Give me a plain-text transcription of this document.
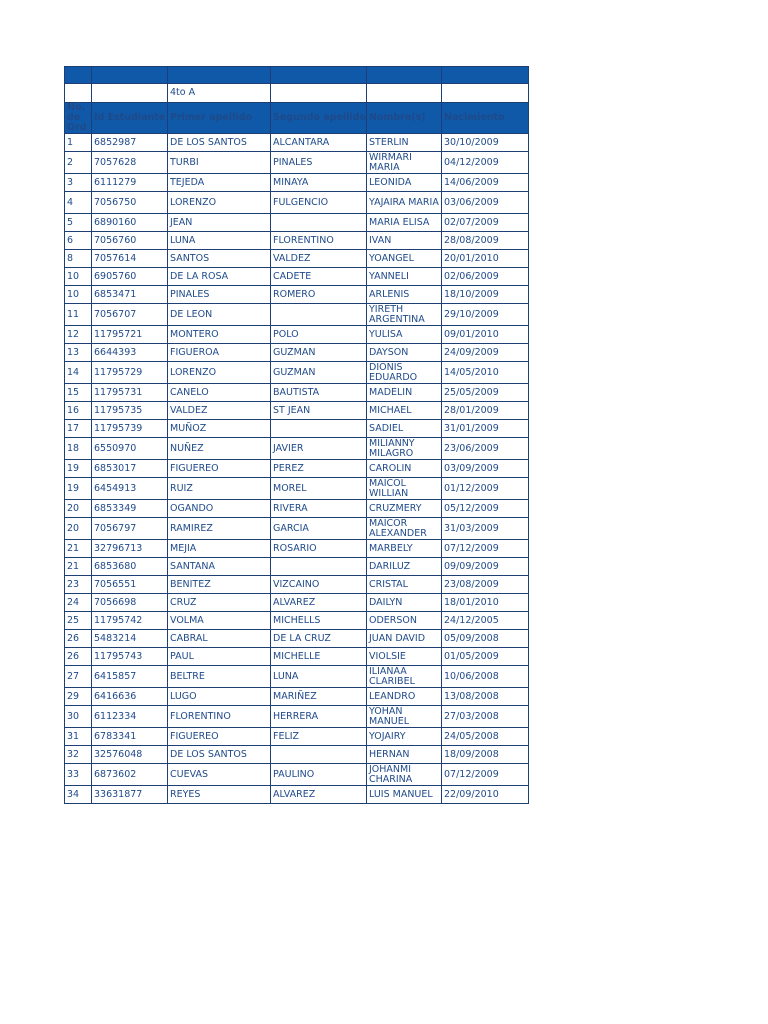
		4to A			
No. de Ord	Id Estudiante	Primer apellido	Segundo apellido	Nombre(s)	Nacimiento
1	6852987	DE LOS SANTOS	ALCANTARA	STERLIN	30/10/2009
2	7057628	TURBI	PINALES	WIRMARI MARIA	04/12/2009
3	6111279	TEJEDA	MINAYA	LEONIDA	14/06/2009
4	7056750	LORENZO	FULGENCIO	YAJAIRA MARIA	03/06/2009
5	6890160	JEAN		MARIA ELISA	02/07/2009
6	7056760	LUNA	FLORENTINO	IVAN	28/08/2009
8	7057614	SANTOS	VALDEZ	YOANGEL	20/01/2010
10	6905760	DE LA ROSA	CADETE	YANNELI	02/06/2009
10	6853471	PINALES	ROMERO	ARLENIS	18/10/2009
11	7056707	DE LEON		YIRETH ARGENTINA	29/10/2009
12	11795721	MONTERO	POLO	YULISA	09/01/2010
13	6644393	FIGUEROA	GUZMAN	DAYSON	24/09/2009
14	11795729	LORENZO	GUZMAN	DIONIS EDUARDO	14/05/2010
15	11795731	CANELO	BAUTISTA	MADELIN	25/05/2009
16	11795735	VALDEZ	ST JEAN	MICHAEL	28/01/2009
17	11795739	MUÑOZ		SADIEL	31/01/2009
18	6550970	NUÑEZ	JAVIER	MILIANNY MILAGRO	23/06/2009
19	6853017	FIGUEREO	PEREZ	CAROLIN	03/09/2009
19	6454913	RUIZ	MOREL	MAICOL WILLIAN	01/12/2009
20	6853349	OGANDO	RIVERA	CRUZMERY	05/12/2009
20	7056797	RAMIREZ	GARCIA	MAICOR ALEXANDER	31/03/2009
21	32796713	MEJIA	ROSARIO	MARBELY	07/12/2009
21	6853680	SANTANA		DARILUZ	09/09/2009
23	7056551	BENITEZ	VIZCAINO	CRISTAL	23/08/2009
24	7056698	CRUZ	ALVAREZ	DAILYN	18/01/2010
25	11795742	VOLMA	MICHELLS	ODERSON	24/12/2005
26	5483214	CABRAL	DE LA CRUZ	JUAN DAVID	05/09/2008
26	11795743	PAUL	MICHELLE	VIOLSIE	01/05/2009
27	6415857	BELTRE	LUNA	ILIANAA CLARIBEL	10/06/2008
29	6416636	LUGO	MARIÑEZ	LEANDRO	13/08/2008
30	6112334	FLORENTINO	HERRERA	YOHAN MANUEL	27/03/2008
31	6783341	FIGUEREO	FELIZ	YOJAIRY	24/05/2008
32	32576048	DE LOS SANTOS		HERNAN	18/09/2008
33	6873602	CUEVAS	PAULINO	JOHANMI CHARINA	07/12/2009
34	33631877	REYES	ALVAREZ	LUIS MANUEL	22/09/2010
